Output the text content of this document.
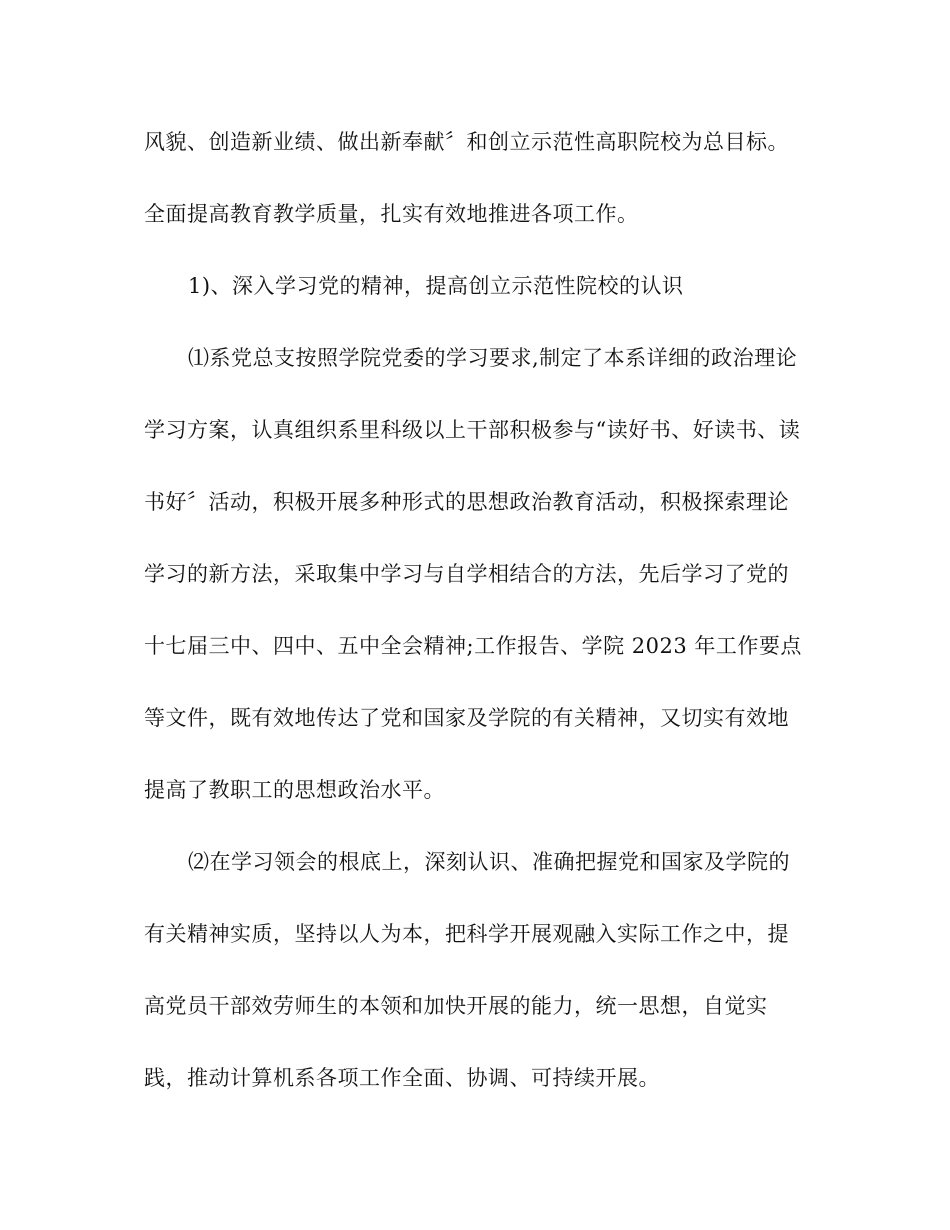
风貌、创造新业绩、做出新奉献〞和创立示范性高职院校为总目标。
全面提高教育教学质量，扎实有效地推进各项工作。
1)、深入学习党的精神，提高创立示范性院校的认识
⑴系党总支按照学院党委的学习要求,制定了本系详细的政治理论
学习方案，认真组织系里科级以上干部积极参与“读好书、好读书、读
书好〞活动，积极开展多种形式的思想政治教育活动，积极探索理论
学习的新方法，采取集中学习与自学相结合的方法，先后学习了党的
十七届三中、四中、五中全会精神;工作报告、学院 2023 年工作要点
等文件，既有效地传达了党和国家及学院的有关精神，又切实有效地
提高了教职工的思想政治水平。
⑵在学习领会的根底上，深刻认识、准确把握党和国家及学院的
有关精神实质，坚持以人为本，把科学开展观融入实际工作之中，提
高党员干部效劳师生的本领和加快开展的能力，统一思想，自觉实
践，推动计算机系各项工作全面、协调、可持续开展。
